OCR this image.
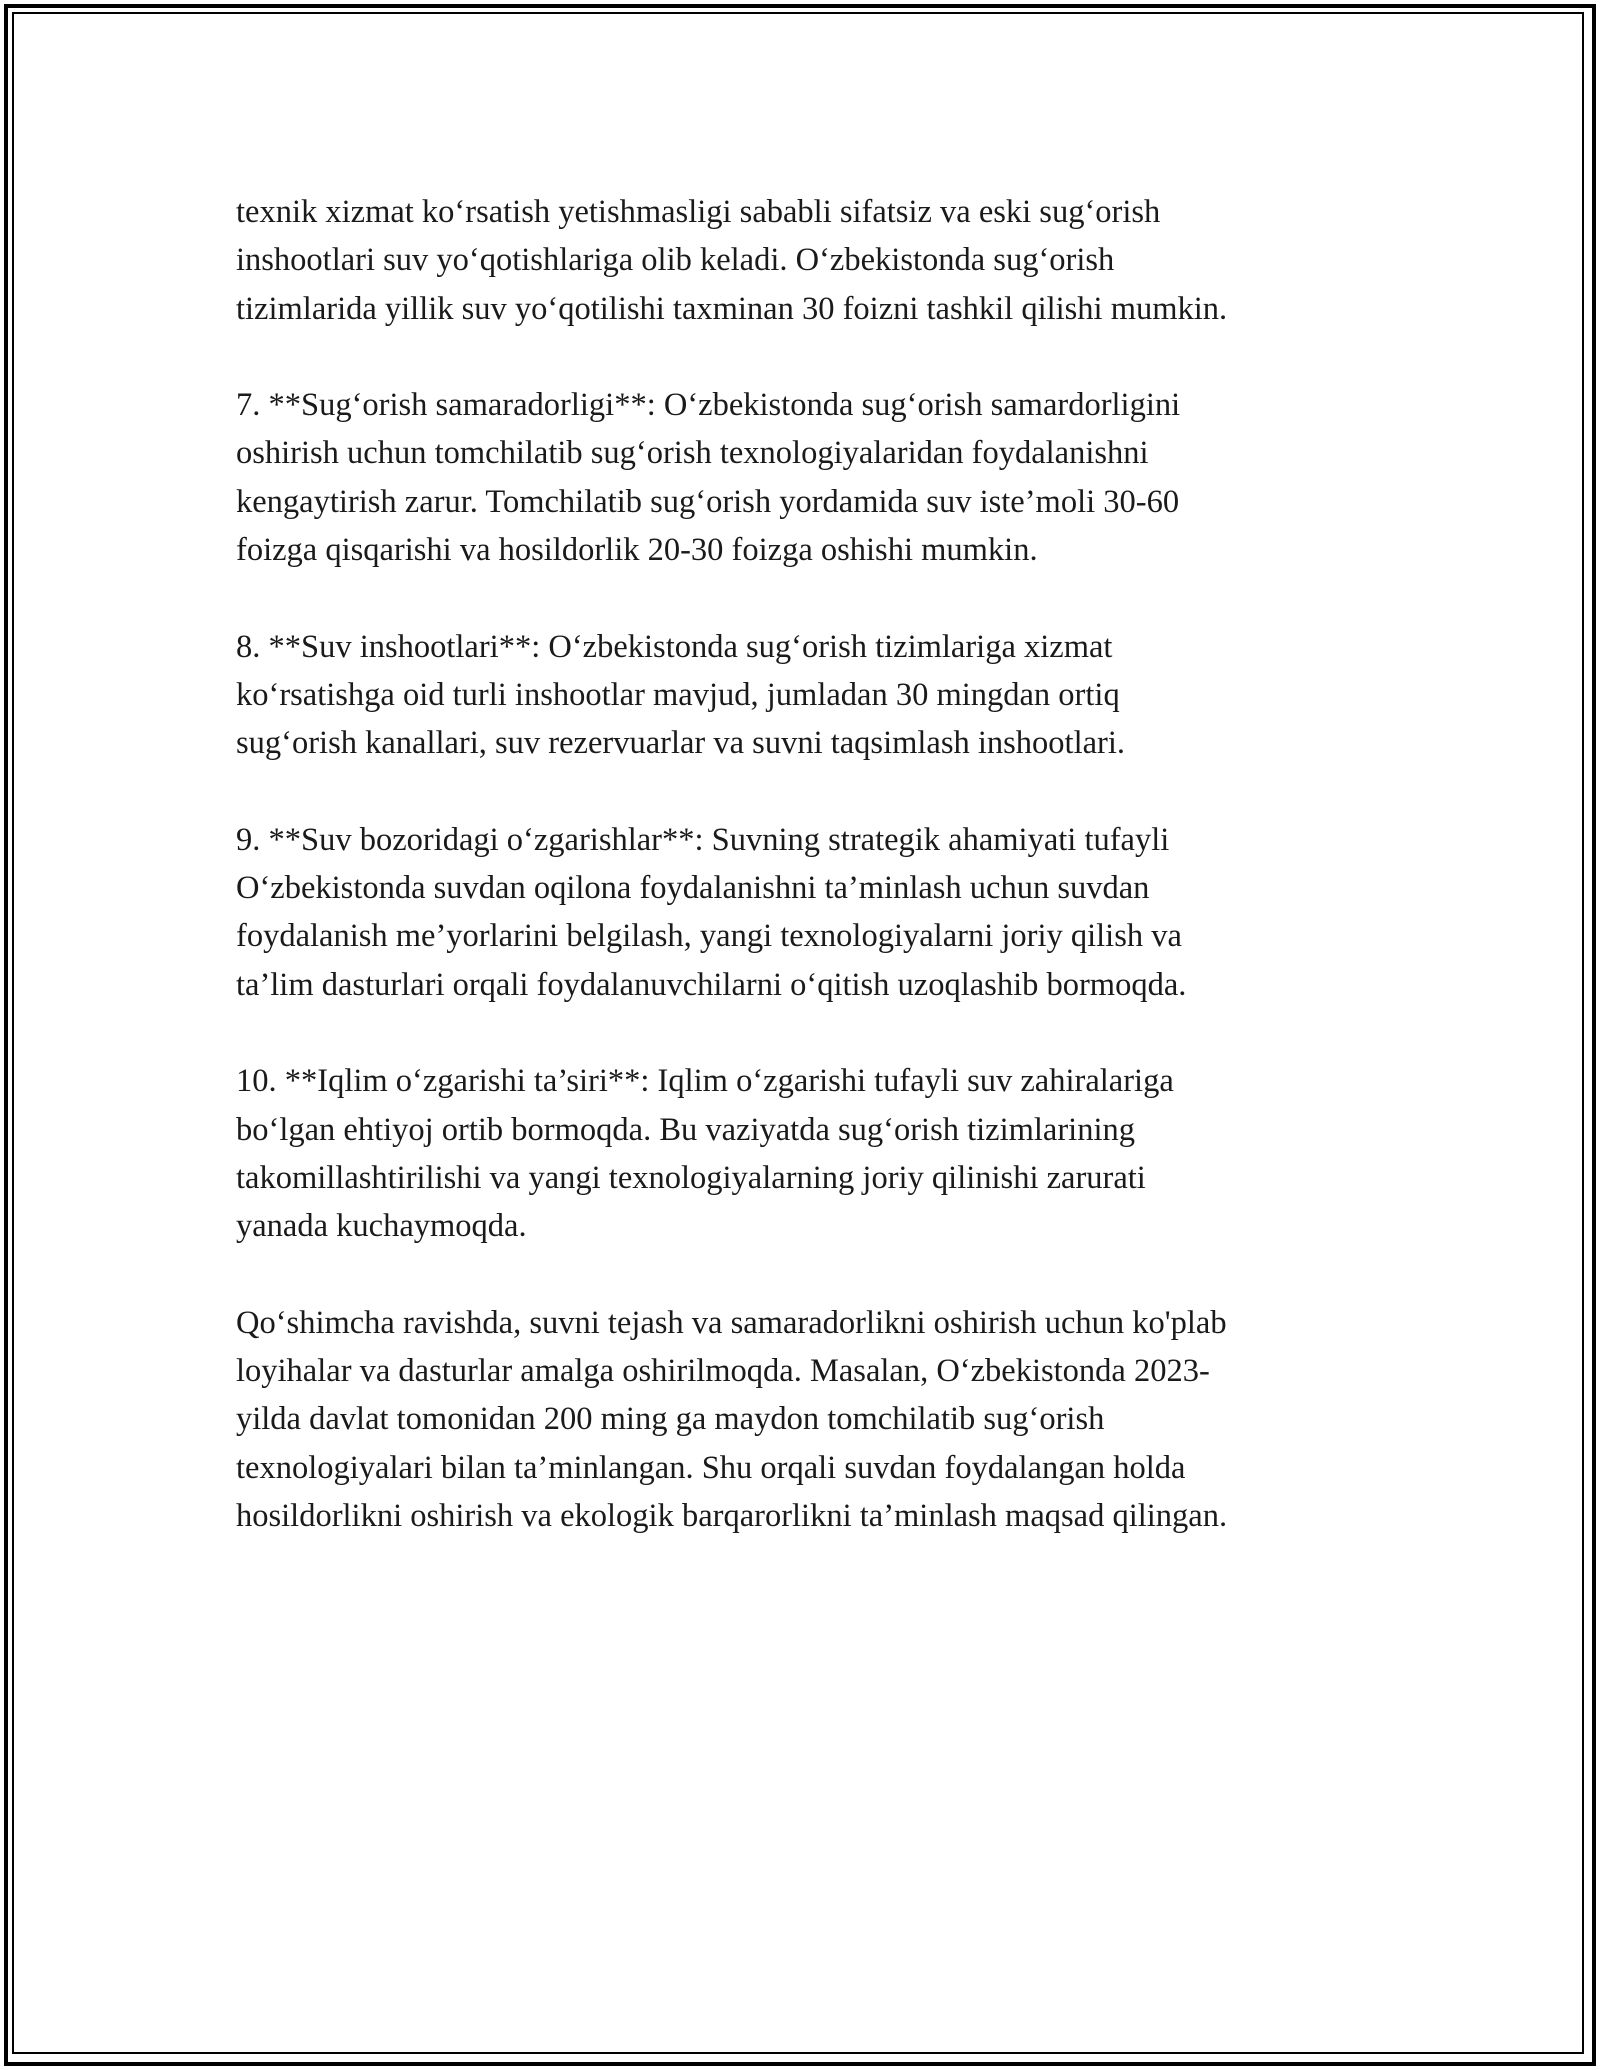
texnik xizmat koʻrsatish yetishmasligi sababli sifatsiz va eski sugʻorish
inshootlari suv yoʻqotishlariga olib keladi. Oʻzbekistonda sugʻorish
tizimlarida yillik suv yoʻqotilishi taxminan 30 foizni tashkil qilishi mumkin.

7. **Sugʻorish samaradorligi**: Oʻzbekistonda sugʻorish samardorligini
oshirish uchun tomchilatib sugʻorish texnologiyalaridan foydalanishni
kengaytirish zarur. Tomchilatib sugʻorish yordamida suv iste’moli 30-60
foizga qisqarishi va hosildorlik 20-30 foizga oshishi mumkin.

8. **Suv inshootlari**: Oʻzbekistonda sugʻorish tizimlariga xizmat
koʻrsatishga oid turli inshootlar mavjud, jumladan 30 mingdan ortiq
sugʻorish kanallari, suv rezervuarlar va suvni taqsimlash inshootlari.

9. **Suv bozoridagi oʻzgarishlar**: Suvning strategik ahamiyati tufayli
Oʻzbekistonda suvdan oqilona foydalanishni ta’minlash uchun suvdan
foydalanish me’yorlarini belgilash, yangi texnologiyalarni joriy qilish va
ta’lim dasturlari orqali foydalanuvchilarni oʻqitish uzoqlashib bormoqda.

10. **Iqlim oʻzgarishi ta’siri**: Iqlim oʻzgarishi tufayli suv zahiralariga
boʻlgan ehtiyoj ortib bormoqda. Bu vaziyatda sugʻorish tizimlarining
takomillashtirilishi va yangi texnologiyalarning joriy qilinishi zarurati
yanada kuchaymoqda.

Qoʻshimcha ravishda, suvni tejash va samaradorlikni oshirish uchun ko'plab
loyihalar va dasturlar amalga oshirilmoqda. Masalan, Oʻzbekistonda 2023-
yilda davlat tomonidan 200 ming ga maydon tomchilatib sugʻorish
texnologiyalari bilan ta’minlangan. Shu orqali suvdan foydalangan holda
hosildorlikni oshirish va ekologik barqarorlikni ta’minlash maqsad qilingan.
